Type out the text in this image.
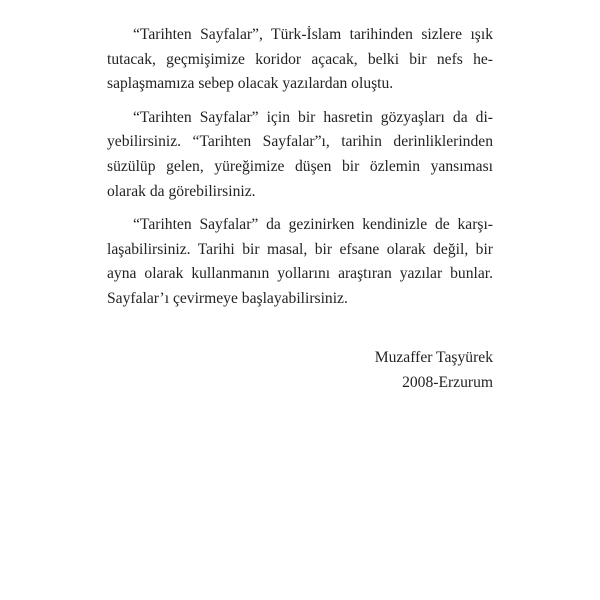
“Tarihten Sayfalar”, Türk-İslam tarihinden sizlere ışık
tutacak, geçmişimize koridor açacak, belki bir nefs he-
saplaşmamıza sebep olacak yazılardan oluştu.
“Tarihten Sayfalar” için bir hasretin gözyaşları da di-
yebilirsiniz. “Tarihten Sayfalar”ı, tarihin derinliklerinden
süzülüp gelen, yüreğimize düşen bir özlemin yansıması
olarak da görebilirsiniz.
“Tarihten Sayfalar” da gezinirken kendinizle de karşı-
laşabilirsiniz. Tarihi bir masal, bir efsane olarak değil, bir
ayna olarak kullanmanın yollarını araştıran yazılar bunlar.
Sayfalar’ı çevirmeye başlayabilirsiniz.
Muzaffer Taşyürek
2008-Erzurum
